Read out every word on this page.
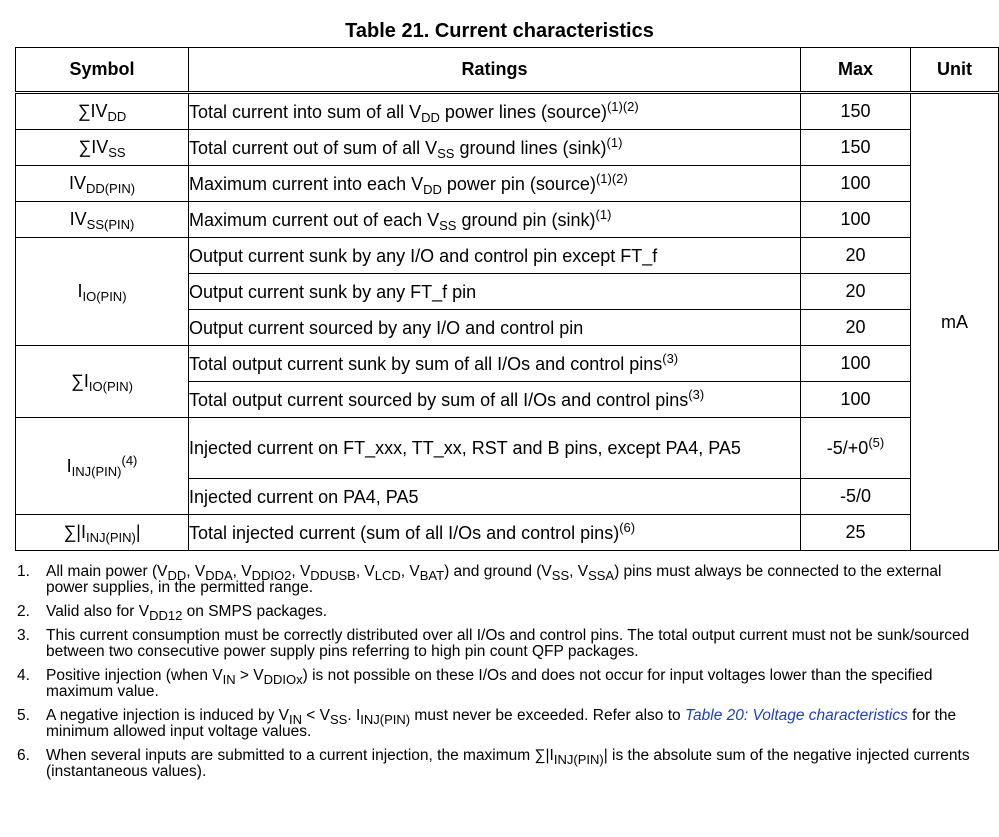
Table 21. Current characteristics
Symbol	Ratings	Max	Unit
$\sum IV_{DD}$	Total current into sum of all $V_{DD}$ power lines (source)$^{(1)(2)}$	150	mA
$\sum IV_{SS}$	Total current out of sum of all $V_{SS}$ ground lines $(\sin k)^{(1)}$	150	
$IV_{DD(PIN)}$	Maximum current into each $V_{DD}$ power pin (source)$^{(1)(2)}$	100	
$IV_{SS(PIN)}$	Maximum current out of each $V_{SS}$ ground pin $(\sin k)^{(1)}$	100	
$I_{IO(PIN)}$	Output current sunk by any I/O and control pin except FT_f	20	
	Output current sunk by any FT_f pin	20	
	Output current sourced by any I/O and control pin	20	
$\sum I_{IO(PIN)}$	Total output current sunk by sum of all I/Os and control pins$^{(3)}$	100	
	Total output current sourced by sum of all I/Os and control pins$^{(3)}$	100	
$I_{INJ(PIN)}^{(4)}$	Injected current on FT_xxx, TT_xx, RST and B pins, except PA4, PA5	$-5/+0^{(5)}$
	Injected current on PA4, PA5	-5/0	
$\sum|I_{INJ(PIN)}|$	Total injected current (sum of all I/Os and control pins)$^{(6)}$	25	
1.	All main power ($V_{DD}$, $V_{DDA}$, $V_{DDIO2}$, $V_{DDUSB}$, $V_{LCD}$, $V_{BAT}$) and ground ($V_{SS}$, $V_{SSA}$) pins must always be connected to the external power supplies, in the permitted range.
2.	Valid also for $V_{DD12}$ on SMPS packages.
3.	This current consumption must be correctly distributed over all I/Os and control pins. The total output current must not be sunk/sourced between two consecutive power supply pins referring to high pin count QFP packages.
4.	Positive injection (when $V_{IN} > V_{DDIOx}$) is not possible on these I/Os and does not occur for input voltages lower than the specified maximum value.
5.	A negative injection is induced by $V_{IN} < V_{SS}$. $I_{INJ(PIN)}$ must never be exceeded. Refer also to Table 20: Voltage characteristics for the minimum allowed input voltage values.
6.	When several inputs are submitted to a current injection, the maximum $\sum|I_{INJ(PIN)}|$ is the absolute sum of the negative injected currents (instantaneous values).
